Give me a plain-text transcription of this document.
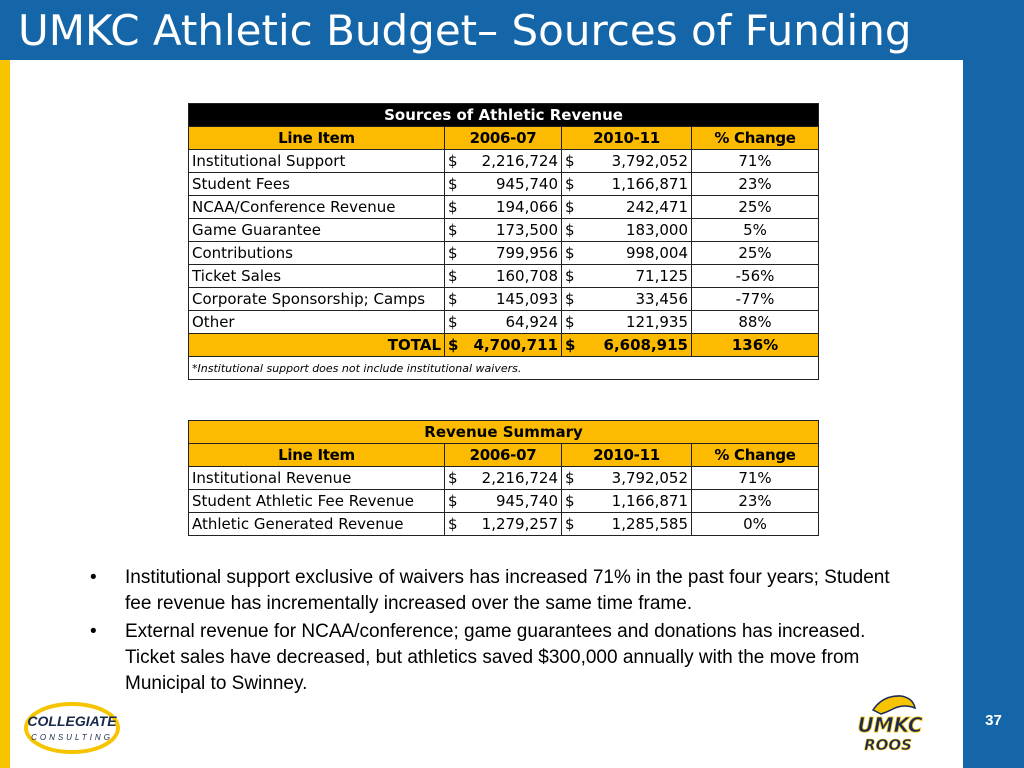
UMKC Athletic Budget– Sources of Funding
37
Sources of Athletic Revenue			
Line Item	2006-07	2010-11	% Change
Institutional Support	$ 2,216,724	$ 3,792,052	71%
Student Fees	$ 945,740	$ 1,166,871	23%
NCAA/Conference Revenue	$ 194,066	$ 242,471	25%
Game Guarantee	$ 173,500	$ 183,000	5%
Contributions	$ 799,956	$ 998,004	25%
Ticket Sales	$ 160,708	$ 71,125	-56%
Corporate Sponsorship; Camps	$ 145,093	$ 33,456	-77%
Other	$ 64,924	$ 121,935	88%
TOTAL	$ 4,700,711	$ 6,608,915	136%
*Institutional support does not include institutional waivers.			
Revenue Summary			
Line Item	2006-07	2010-11	% Change
Institutional Revenue	$ 2,216,724	$ 3,792,052	71%
Student Athletic Fee Revenue	$ 945,740	$ 1,166,871	23%
Athletic Generated Revenue	$ 1,279,257	$ 1,285,585	0%
• Institutional support exclusive of waivers has increased 71% in the past four years; Student fee revenue has incrementally increased over the same time frame.
• External revenue for NCAA/conference; game guarantees and donations has increased. Ticket sales have decreased, but athletics saved $300,000 annually with the move from Municipal to Swinney.
COLLEGIATE
CONSULTING
UMKC
ROOS
